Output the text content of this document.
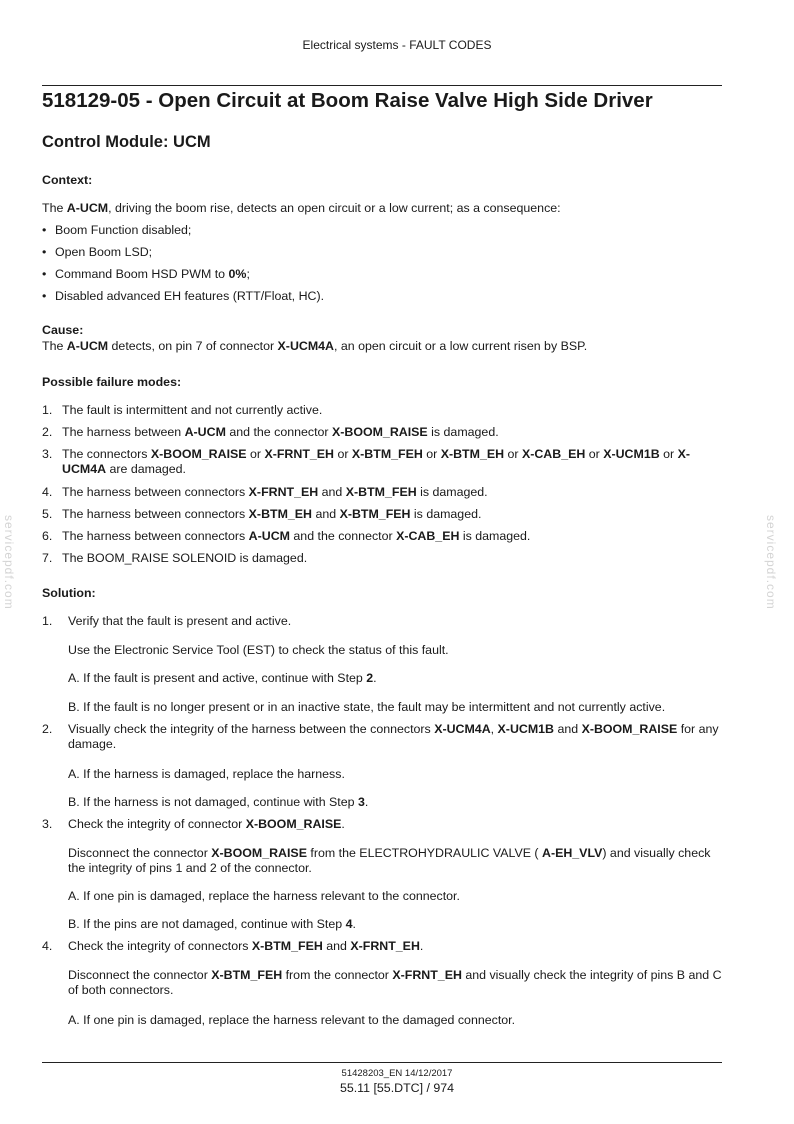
Electrical systems - FAULT CODES
518129-05 - Open Circuit at Boom Raise Valve High Side Driver
Control Module: UCM
Context:
The A-UCM, driving the boom rise, detects an open circuit or a low current; as a consequence:
• Boom Function disabled;
• Open Boom LSD;
• Command Boom HSD PWM to 0%;
• Disabled advanced EH features (RTT/Float, HC).
Cause:
The A-UCM detects, on pin 7 of connector X-UCM4A, an open circuit or a low current risen by BSP.
Possible failure modes:
1. The fault is intermittent and not currently active.
2. The harness between A-UCM and the connector X-BOOM_RAISE is damaged.
3. The connectors X-BOOM_RAISE or X-FRNT_EH or X-BTM_FEH or X-BTM_EH or X-CAB_EH or X-UCM1B or X-UCM4A are damaged.
4. The harness between connectors X-FRNT_EH and X-BTM_FEH is damaged.
5. The harness between connectors X-BTM_EH and X-BTM_FEH is damaged.
6. The harness between connectors A-UCM and the connector X-CAB_EH is damaged.
7. The BOOM_RAISE SOLENOID is damaged.
Solution:
1. Verify that the fault is present and active.
Use the Electronic Service Tool (EST) to check the status of this fault.
A. If the fault is present and active, continue with Step 2.
B. If the fault is no longer present or in an inactive state, the fault may be intermittent and not currently active.
2.	Visually check the integrity of the harness between the connectors X-UCM4A, X-UCM1B and X-BOOM_RAISE for any damage.
A. If the harness is damaged, replace the harness.
B. If the harness is not damaged, continue with Step 3.
3. Check the integrity of connector X-BOOM_RAISE.
Disconnect the connector X-BOOM_RAISE from the ELECTROHYDRAULIC VALVE ( A-EH_VLV) and visually check the integrity of pins 1 and 2 of the connector.
A. If one pin is damaged, replace the harness relevant to the connector.
B. If the pins are not damaged, continue with Step 4.
4. Check the integrity of connectors X-BTM_FEH and X-FRNT_EH.
Disconnect the connector X-BTM_FEH from the connector X-FRNT_EH and visually check the integrity of pins B and C of both connectors.
A. If one pin is damaged, replace the harness relevant to the damaged connector.
servicepdf.com	servicepdf.com
51428203_EN 14/12/2017
55.11 [55.DTC] / 974
